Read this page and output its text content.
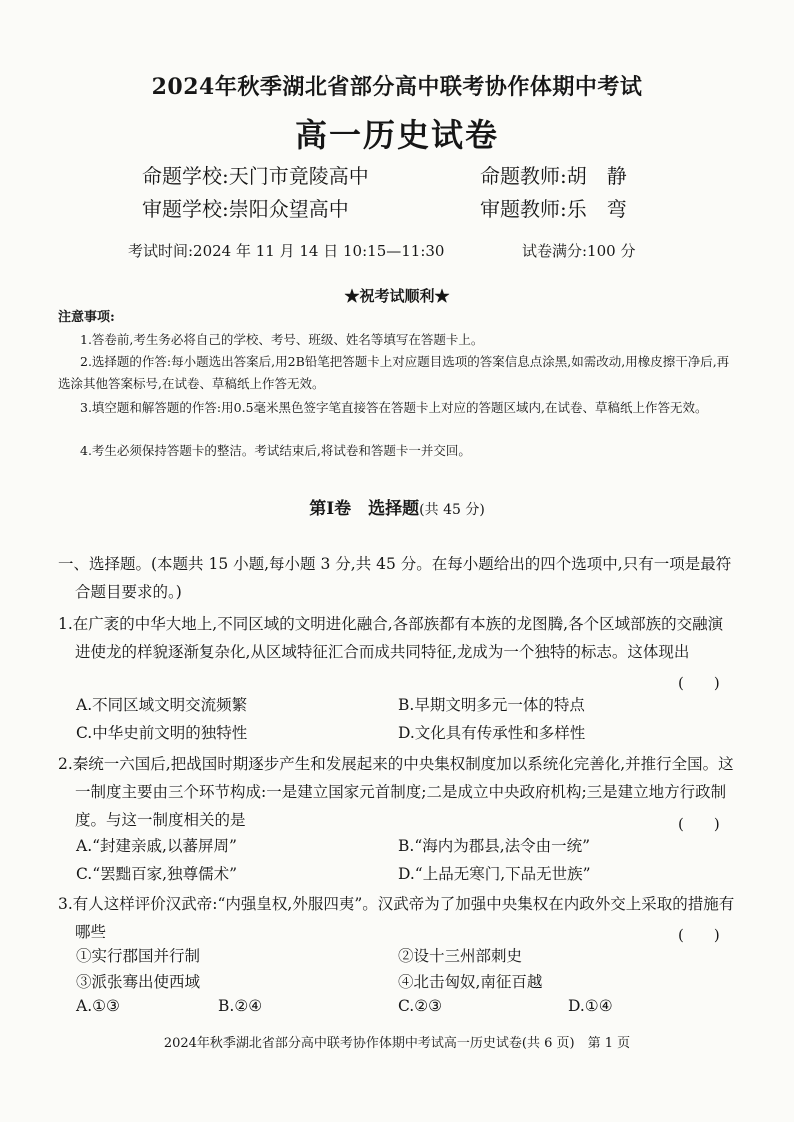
2024年秋季湖北省部分高中联考协作体期中考试
高一历史试卷
命题学校:天门市竟陵高中	命题教师:胡　静
审题学校:崇阳众望高中	审题教师:乐　弯
考试时间:2024 年 11 月 14 日 10:15—11:30	试卷满分:100 分
★祝考试顺利★
注意事项:
1.答卷前,考生务必将自己的学校、考号、班级、姓名等填写在答题卡上。
2.选择题的作答:每小题选出答案后,用2B铅笔把答题卡上对应题目选项的答案信息点涂黑,如需改动,用橡皮擦干净后,再选涂其他答案标号,在试卷、草稿纸上作答无效。
3.填空题和解答题的作答:用0.5毫米黑色签字笔直接答在答题卡上对应的答题区域内,在试卷、草稿纸上作答无效。
4.考生必须保持答题卡的整洁。考试结束后,将试卷和答题卡一并交回。
第Ⅰ卷　选择题(共 45 分)
一、选择题。(本题共 15 小题,每小题 3 分,共 45 分。在每小题给出的四个选项中,只有一项是最符合题目要求的。)
1.在广袤的中华大地上,不同区域的文明进化融合,各部族都有本族的龙图腾,各个区域部族的交融演进使龙的样貌逐渐复杂化,从区域特征汇合而成共同特征,龙成为一个独特的标志。这体现出
(　　)
A.不同区域文明交流频繁	B.早期文明多元一体的特点
C.中华史前文明的独特性	D.文化具有传承性和多样性
2.秦统一六国后,把战国时期逐步产生和发展起来的中央集权制度加以系统化完善化,并推行全国。这一制度主要由三个环节构成:一是建立国家元首制度;二是成立中央政府机构;三是建立地方行政制度。与这一制度相关的是	(　　)
A.“封建亲戚,以蕃屏周”	B.“海内为郡县,法令由一统”
C.“罢黜百家,独尊儒术”	D.“上品无寒门,下品无世族”
3.有人这样评价汉武帝:“内强皇权,外服四夷”。汉武帝为了加强中央集权在内政外交上采取的措施有哪些	(　　)
①实行郡国并行制	②设十三州部刺史
③派张骞出使西域	④北击匈奴,南征百越
A.①③	B.②④	C.②③	D.①④
2024年秋季湖北省部分高中联考协作体期中考试高一历史试卷(共 6 页)　第 1 页
